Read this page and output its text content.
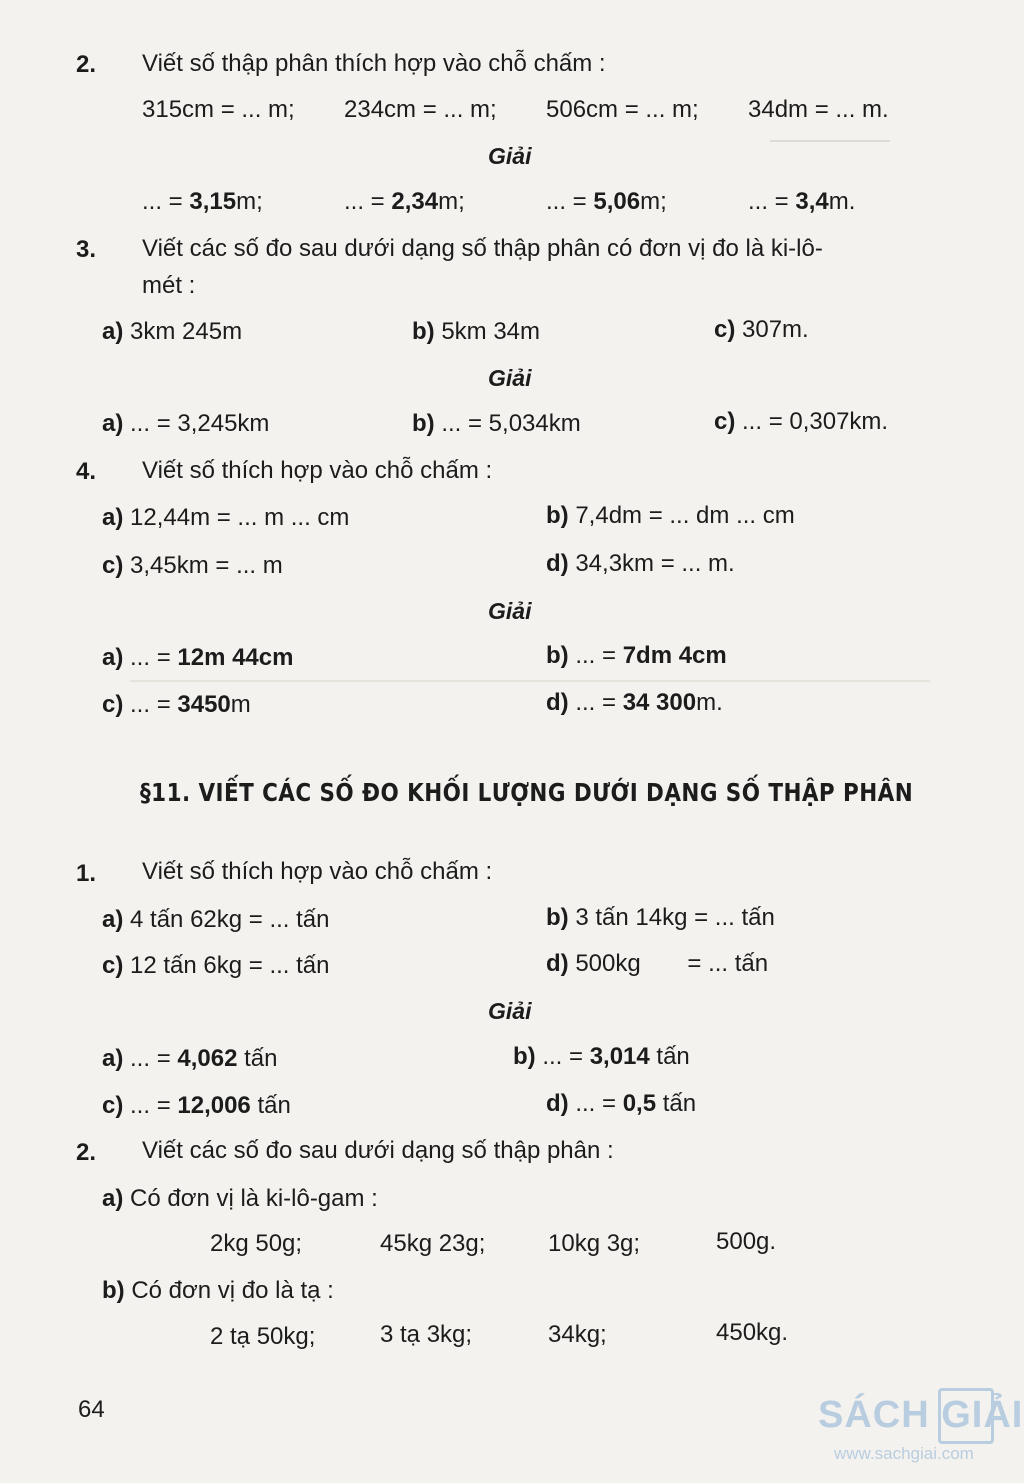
2. Viết số thập phân thích hợp vào chỗ chấm :
315cm = ... m; 234cm = ... m; 506cm = ... m; 34dm = ... m.
Giải
... = 3,15m;	... = 2,34m;	... = 5,06m;	... = 3,4m.
3. Viết các số đo sau dưới dạng số thập phân có đơn vị đo là ki-lô-
mét :
a) 3km 245m	b) 5km 34m	c) 307m.
Giải
a) ... = 3,245km	b) ... = 5,034km	c) ... = 0,307km.
4. Viết số thích hợp vào chỗ chấm :
a) 12,44m = ... m ... cm	b) 7,4dm = ... dm ... cm
c) 3,45km = ... m	d) 34,3km = ... m.
Giải
a) ... = 12m 44cm	b) ... = 7dm 4cm
c) ... = 3450m	d) ... = 34 300m.
§11. VIẾT CÁC SỐ ĐO KHỐI LƯỢNG DƯỚI DẠNG SỐ THẬP PHÂN
1. Viết số thích hợp vào chỗ chấm :
a) 4 tấn 62kg = ... tấn	b) 3 tấn 14kg = ... tấn
c) 12 tấn 6kg = ... tấn	d) 500kg       = ... tấn
Giải
a) ... = 4,062 tấn	b) ... = 3,014 tấn
c) ... = 12,006 tấn	d) ... = 0,5 tấn
2. Viết các số đo sau dưới dạng số thập phân :
a) Có đơn vị là ki-lô-gam :
2kg 50g;	45kg 23g;	10kg 3g;	500g.
b) Có đơn vị đo là tạ :
2 tạ 50kg;	3 tạ 3kg;	34kg;	450kg.
64	SÁCH GIẢI
www.sachgiai.com
